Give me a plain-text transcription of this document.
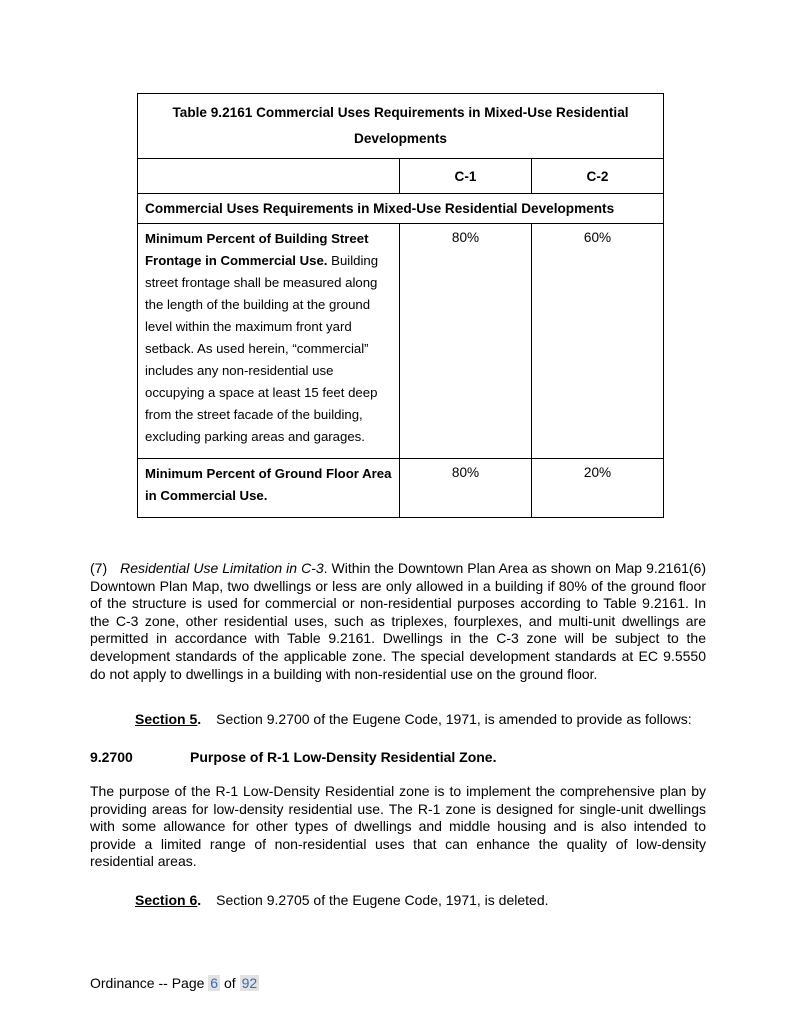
Table 9.2161 Commercial Uses Requirements in Mixed-Use Residential Developments		
	C-1	C-2
Commercial Uses Requirements in Mixed-Use Residential Developments		
Minimum Percent of Building Street Frontage in Commercial Use. Building street frontage shall be measured along the length of the building at the ground level within the maximum front yard setback. As used herein, “commercial” includes any non-residential use occupying a space at least 15 feet deep from the street facade of the building, excluding parking areas and garages.	80%	60%
Minimum Percent of Ground Floor Area in Commercial Use.	80%	20%

(7) Residential Use Limitation in C-3. Within the Downtown Plan Area as shown on Map 9.2161(6) Downtown Plan Map, two dwellings or less are only allowed in a building if 80% of the ground floor of the structure is used for commercial or non-residential purposes according to Table 9.2161. In the C-3 zone, other residential uses, such as triplexes, fourplexes, and multi-unit dwellings are permitted in accordance with Table 9.2161. Dwellings in the C-3 zone will be subject to the development standards of the applicable zone. The special development standards at EC 9.5550 do not apply to dwellings in a building with non-residential use on the ground floor.

Section 5. Section 9.2700 of the Eugene Code, 1971, is amended to provide as follows:

9.2700	Purpose of R-1 Low-Density Residential Zone.

The purpose of the R-1 Low-Density Residential zone is to implement the comprehensive plan by providing areas for low-density residential use. The R-1 zone is designed for single-unit dwellings with some allowance for other types of dwellings and middle housing and is also intended to provide a limited range of non-residential uses that can enhance the quality of low-density residential areas.

Section 6. Section 9.2705 of the Eugene Code, 1971, is deleted.

Ordinance -- Page 6 of 92
